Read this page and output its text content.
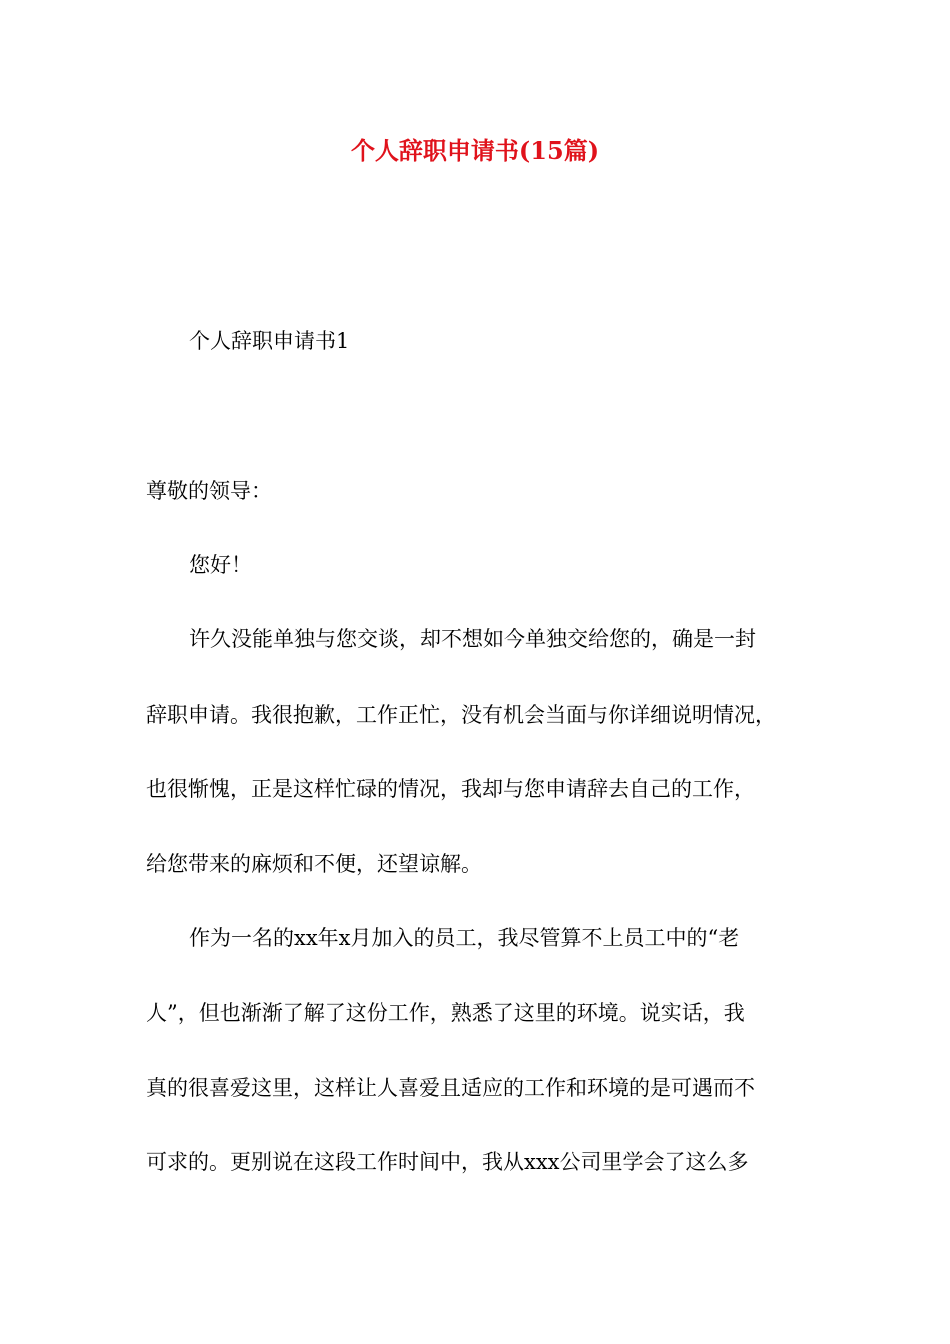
个人辞职申请书(15篇)
个人辞职申请书1
尊敬的领导：
您好！
许久没能单独与您交谈，却不想如今单独交给您的，确是一封
辞职申请。我很抱歉，工作正忙，没有机会当面与你详细说明情况，
也很惭愧，正是这样忙碌的情况，我却与您申请辞去自己的工作，
给您带来的麻烦和不便，还望谅解。
作为一名的xx年x月加入的员工，我尽管算不上员工中的“老
人”，但也渐渐了解了这份工作，熟悉了这里的环境。说实话，我
真的很喜爱这里，这样让人喜爱且适应的工作和环境的是可遇而不
可求的。更别说在这段工作时间中，我从xxx公司里学会了这么多
